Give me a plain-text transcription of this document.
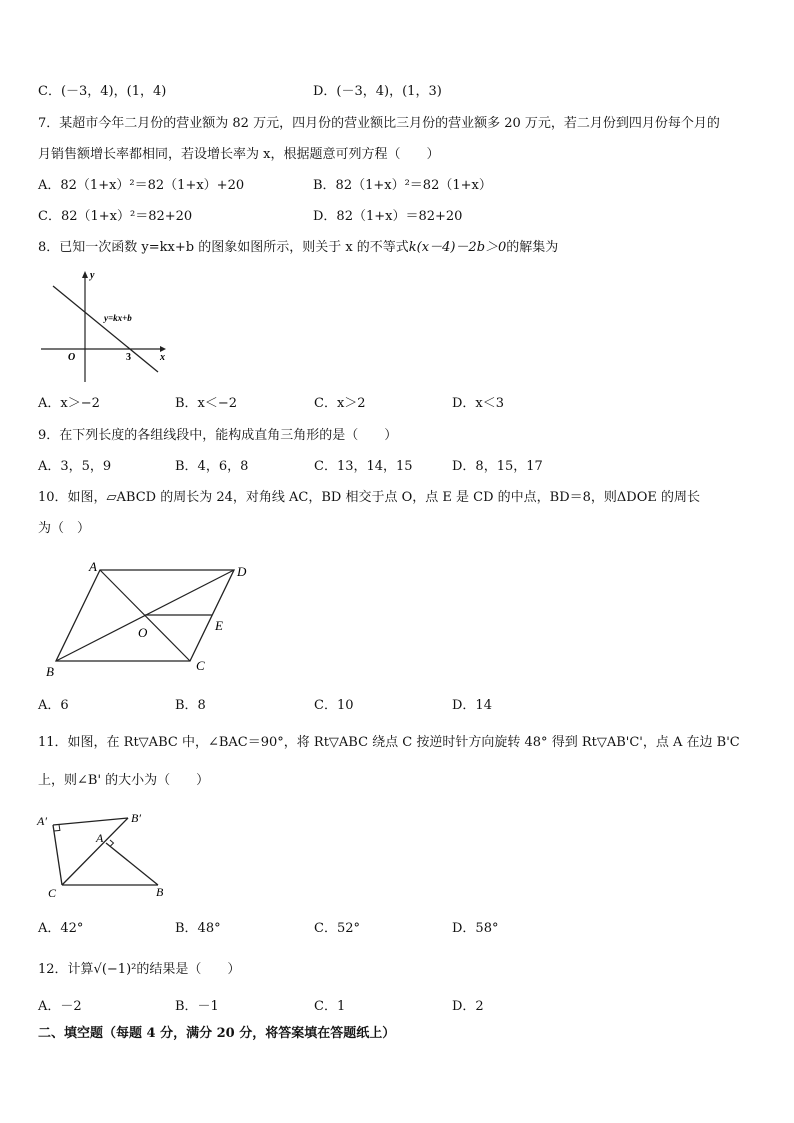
C．(－3，4)，(1，4)	D．(－3，4)，(1，3)
7．某超市今年二月份的营业额为 82 万元，四月份的营业额比三月份的营业额多 20 万元，若二月份到四月份每个月的
月销售额增长率都相同，若设增长率为 x，根据题意可列方程（　　）
A．82（1+x）²＝82（1+x）+20	B．82（1+x）²＝82（1+x）
C．82（1+x）²＝82+20	D．82（1+x）＝82+20
8．已知一次函数 y=kx+b 的图象如图所示，则关于 x 的不等式k(x－4)－2b＞0的解集为
y
x
O	3
y=kx+b
A．x＞−2	B．x＜−2	C．x＞2	D．x＜3
9．在下列长度的各组线段中，能构成直角三角形的是（　　）
A．3，5，9	B．4，6，8	C．13，14，15	D．8，15，17
10．如图，▱ABCD 的周长为 24，对角线 AC，BD 相交于点 O，点 E 是 CD 的中点，BD＝8，则ΔDOE 的周长
为（　）
A	D
B	C
O	E
A．6	B．8	C．10	D．14
11．如图，在 Rt▽ABC 中，∠BAC＝90°，将 Rt▽ABC 绕点 C 按逆时针方向旋转 48° 得到 Rt▽AB'C'，点 A 在边 B'C
上，则∠B' 的大小为（　　）
A′	B′
A
B
C
A．42°	B．48°	C．52°	D．58°
12．计算√(−1)²的结果是（　　）
A．－2	B．－1	C．1	D．2
二、填空题（每题 4 分，满分 20 分，将答案填在答题纸上）
